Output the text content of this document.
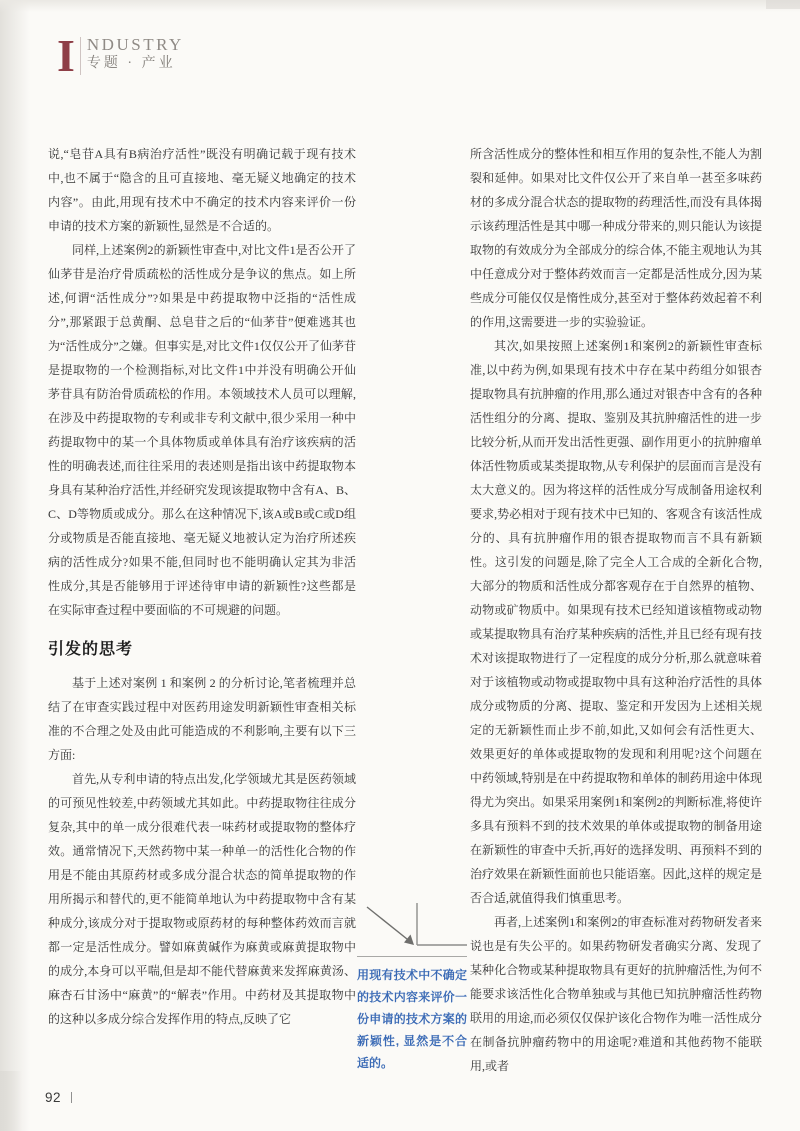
I NDUSTRY
专题 · 产业

说,“皂苷A具有B病治疗活性”既没有明确记载于现有技术中,也不属于“隐含的且可直接地、毫无疑义地确定的技术内容”。由此,用现有技术中不确定的技术内容来评价一份申请的技术方案的新颖性,显然是不合适的。

同样,上述案例2的新颖性审查中,对比文件1是否公开了仙茅苷是治疗骨质疏松的活性成分是争议的焦点。如上所述,何谓“活性成分”?如果是中药提取物中泛指的“活性成分”,那紧跟于总黄酮、总皂苷之后的“仙茅苷”便难逃其也为“活性成分”之嫌。但事实是,对比文件1仅仅公开了仙茅苷是提取物的一个检测指标,对比文件1中并没有明确公开仙茅苷具有防治骨质疏松的作用。本领域技术人员可以理解,在涉及中药提取物的专利或非专利文献中,很少采用一种中药提取物中的某一个具体物质或单体具有治疗该疾病的活性的明确表述,而往往采用的表述则是指出该中药提取物本身具有某种治疗活性,并经研究发现该提取物中含有A、B、C、D等物质或成分。那么在这种情况下,该A或B或C或D组分或物质是否能直接地、毫无疑义地被认定为治疗所述疾病的活性成分?如果不能,但同时也不能明确认定其为非活性成分,其是否能够用于评述待审申请的新颖性?这些都是在实际审查过程中要面临的不可规避的问题。

引发的思考

基于上述对案例 1 和案例 2 的分析讨论,笔者梳理并总结了在审查实践过程中对医药用途发明新颖性审查相关标准的不合理之处及由此可能造成的不利影响,主要有以下三方面:

首先,从专利申请的特点出发,化学领域尤其是医药领域的可预见性较差,中药领域尤其如此。中药提取物往往成分复杂,其中的单一成分很难代表一味药材或提取物的整体疗效。通常情况下,天然药物中某一种单一的活性化合物的作用是不能由其原药材或多成分混合状态的简单提取物的作用所揭示和替代的,更不能简单地认为中药提取物中含有某种成分,该成分对于提取物或原药材的每种整体药效而言就都一定是活性成分。譬如麻黄碱作为麻黄或麻黄提取物中的成分,本身可以平喘,但是却不能代替麻黄来发挥麻黄汤、麻杏石甘汤中“麻黄”的“解表”作用。中药材及其提取物中的这种以多成分综合发挥作用的特点,反映了它

所含活性成分的整体性和相互作用的复杂性,不能人为割裂和延伸。如果对比文件仅公开了来自单一甚至多味药材的多成分混合状态的提取物的药理活性,而没有具体揭示该药理活性是其中哪一种成分带来的,则只能认为该提取物的有效成分为全部成分的综合体,不能主观地认为其中任意成分对于整体药效而言一定都是活性成分,因为某些成分可能仅仅是惰性成分,甚至对于整体药效起着不利的作用,这需要进一步的实验验证。

其次,如果按照上述案例1和案例2的新颖性审查标准,以中药为例,如果现有技术中存在某中药组分如银杏提取物具有抗肿瘤的作用,那么通过对银杏中含有的各种活性组分的分离、提取、鉴别及其抗肿瘤活性的进一步比较分析,从而开发出活性更强、副作用更小的抗肿瘤单体活性物质或某类提取物,从专利保护的层面而言是没有太大意义的。因为将这样的活性成分写成制备用途权利要求,势必相对于现有技术中已知的、客观含有该活性成分的、具有抗肿瘤作用的银杏提取物而言不具有新颖性。这引发的问题是,除了完全人工合成的全新化合物,大部分的物质和活性成分都客观存在于自然界的植物、动物或矿物质中。如果现有技术已经知道该植物或动物或某提取物具有治疗某种疾病的活性,并且已经有现有技术对该提取物进行了一定程度的成分分析,那么就意味着对于该植物或动物或提取物中具有这种治疗活性的具体成分或物质的分离、提取、鉴定和开发因为上述相关规定的无新颖性而止步不前,如此,又如何会有活性更大、效果更好的单体或提取物的发现和利用呢?这个问题在中药领域,特别是在中药提取物和单体的制药用途中体现得尤为突出。如果采用案例1和案例2的判断标准,将使许多具有预料不到的技术效果的单体或提取物的制备用途在新颖性的审查中夭折,再好的选择发明、再预料不到的治疗效果在新颖性面前也只能语塞。因此,这样的规定是否合适,就值得我们慎重思考。

再者,上述案例1和案例2的审查标准对药物研发者来说也是有失公平的。如果药物研发者确实分离、发现了某种化合物或某种提取物具有更好的抗肿瘤活性,为何不能要求该活性化合物单独或与其他已知抗肿瘤活性药物联用的用途,而必须仅仅保护该化合物作为唯一活性成分在制备抗肿瘤药物中的用途呢?难道和其他药物不能联用,或者

用现有技术中不确定的技术内容来评价一份申请的技术方案的新颖性, 显然是不合适的。

92
